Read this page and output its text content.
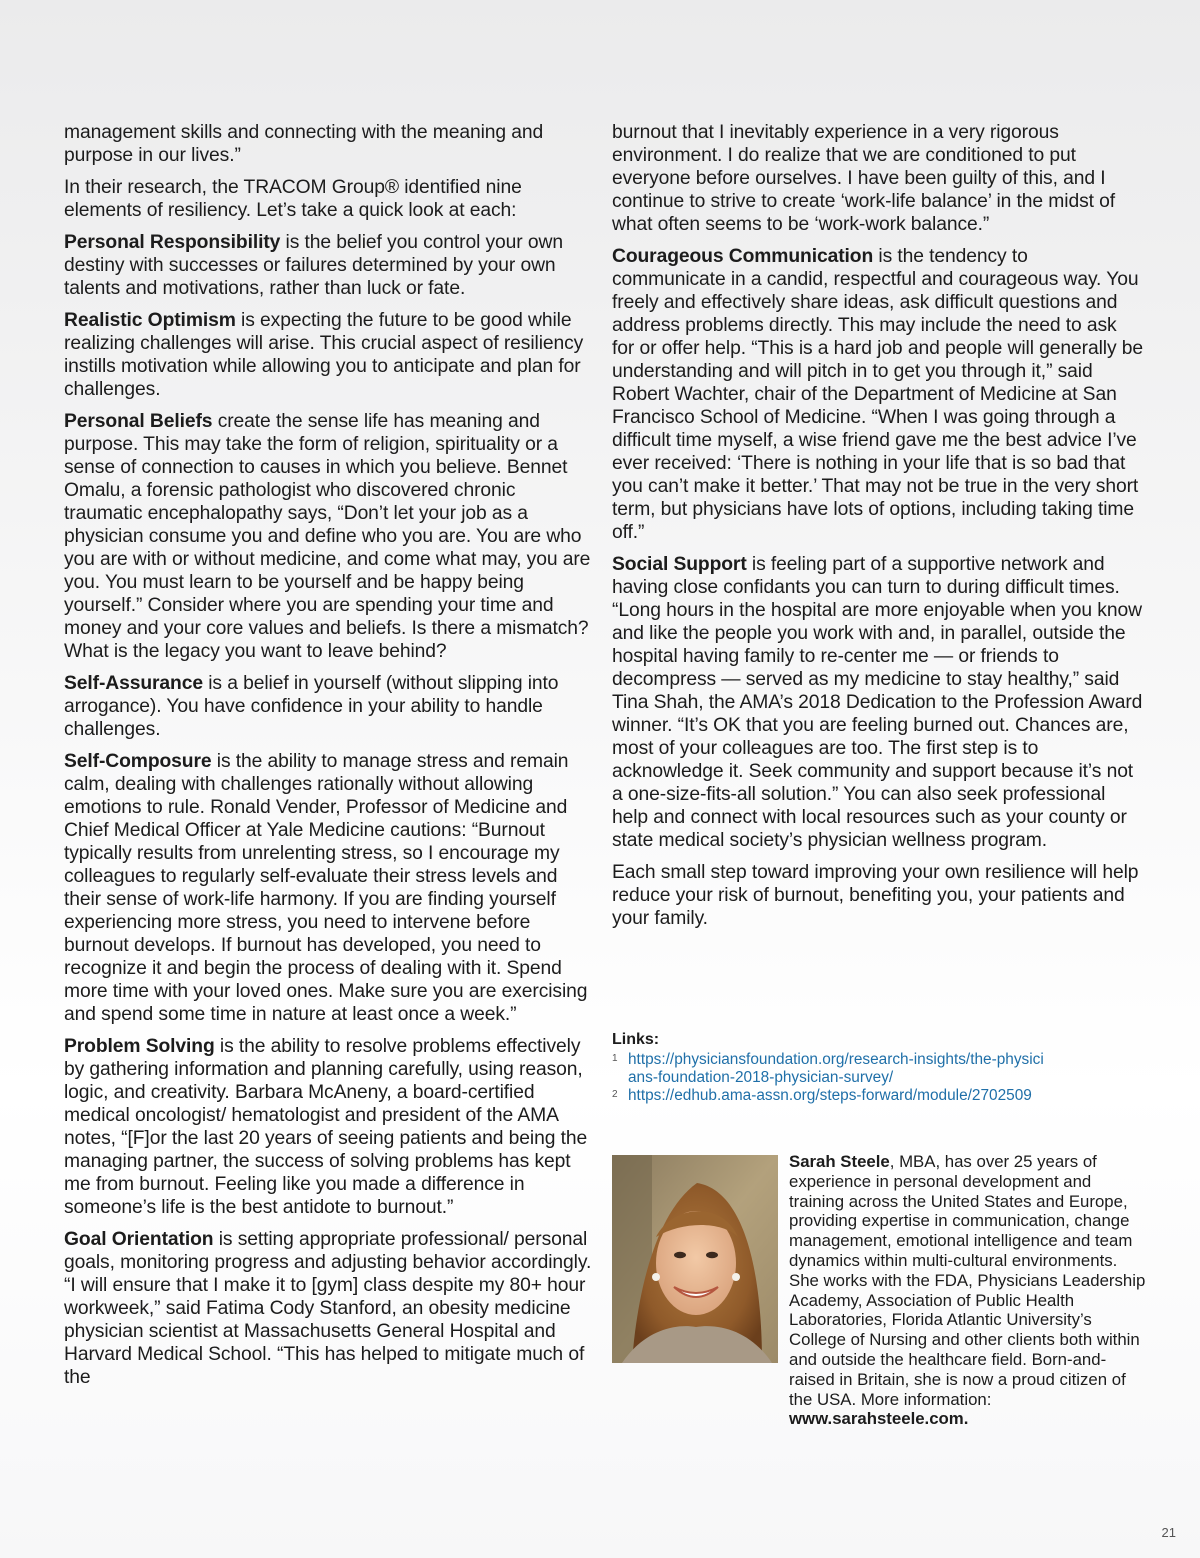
management skills and connecting with the meaning and purpose in our lives.”

In their research, the TRACOM Group® identified nine elements of resiliency. Let’s take a quick look at each:

Personal Responsibility is the belief you control your own destiny with successes or failures determined by your own talents and motivations, rather than luck or fate.

Realistic Optimism is expecting the future to be good while realizing challenges will arise. This crucial aspect of resiliency instills motivation while allowing you to anticipate and plan for challenges.

Personal Beliefs create the sense life has meaning and purpose. This may take the form of religion, spirituality or a sense of connection to causes in which you believe. Bennet Omalu, a forensic pathologist who discovered chronic traumatic encephalopathy says, “Don’t let your job as a physician consume you and define who you are. You are who you are with or without medicine, and come what may, you are you. You must learn to be yourself and be happy being yourself.” Consider where you are spending your time and money and your core values and beliefs. Is there a mismatch? What is the legacy you want to leave behind?

Self-Assurance is a belief in yourself (without slipping into arrogance). You have confidence in your ability to handle challenges.

Self-Composure is the ability to manage stress and remain calm, dealing with challenges rationally without allowing emotions to rule. Ronald Vender, Professor of Medicine and Chief Medical Officer at Yale Medicine cautions: “Burnout typically results from unrelenting stress, so I encourage my colleagues to regularly self-evaluate their stress levels and their sense of work-life harmony. If you are finding yourself experiencing more stress, you need to intervene before burnout develops. If burnout has developed, you need to recognize it and begin the process of dealing with it. Spend more time with your loved ones. Make sure you are exercising and spend some time in nature at least once a week.”

Problem Solving is the ability to resolve problems effectively by gathering information and planning carefully, using reason, logic, and creativity. Barbara McAneny, a board-certified medical oncologist/ hematologist and president of the AMA notes, “[F]or the last 20 years of seeing patients and being the managing partner, the success of solving problems has kept me from burnout. Feeling like you made a difference in someone’s life is the best antidote to burnout.”

Goal Orientation is setting appropriate professional/ personal goals, monitoring progress and adjusting behavior accordingly. “I will ensure that I make it to [gym] class despite my 80+ hour workweek,” said Fatima Cody Stanford, an obesity medicine physician scientist at Massachusetts General Hospital and Harvard Medical School. “This has helped to mitigate much of the

burnout that I inevitably experience in a very rigorous environment. I do realize that we are conditioned to put everyone before ourselves. I have been guilty of this, and I continue to strive to create ‘work-life balance’ in the midst of what often seems to be ‘work-work balance.”

Courageous Communication is the tendency to communicate in a candid, respectful and courageous way. You freely and effectively share ideas, ask difficult questions and address problems directly. This may include the need to ask for or offer help. “This is a hard job and people will generally be understanding and will pitch in to get you through it,” said Robert Wachter, chair of the Department of Medicine at San Francisco School of Medicine. “When I was going through a difficult time myself, a wise friend gave me the best advice I’ve ever received: ‘There is nothing in your life that is so bad that you can’t make it better.’ That may not be true in the very short term, but physicians have lots of options, including taking time off.”

Social Support is feeling part of a supportive network and having close confidants you can turn to during difficult times. “Long hours in the hospital are more enjoyable when you know and like the people you work with and, in parallel, outside the hospital having family to re-center me — or friends to decompress — served as my medicine to stay healthy,” said Tina Shah, the AMA’s 2018 Dedication to the Profession Award winner. “It’s OK that you are feeling burned out. Chances are, most of your colleagues are too. The first step is to acknowledge it. Seek community and support because it’s not a one-size-fits-all solution.” You can also seek professional help and connect with local resources such as your county or state medical society’s physician wellness program.

Each small step toward improving your own resilience will help reduce your risk of burnout, benefiting you, your patients and your family.

Links:
1 https://physiciansfoundation.org/research-insights/the-physicians-foundation-2018-physician-survey/
2 https://edhub.ama-assn.org/steps-forward/module/2702509

Sarah Steele, MBA, has over 25 years of experience in personal development and training across the United States and Europe, providing expertise in communication, change management, emotional intelligence and team dynamics within multi-cultural environments. She works with the FDA, Physicians Leadership Academy, Association of Public Health Laboratories, Florida Atlantic University’s College of Nursing and other clients both within and outside the healthcare field. Born-and-raised in Britain, she is now a proud citizen of the USA. More information: www.sarahsteele.com.

21
